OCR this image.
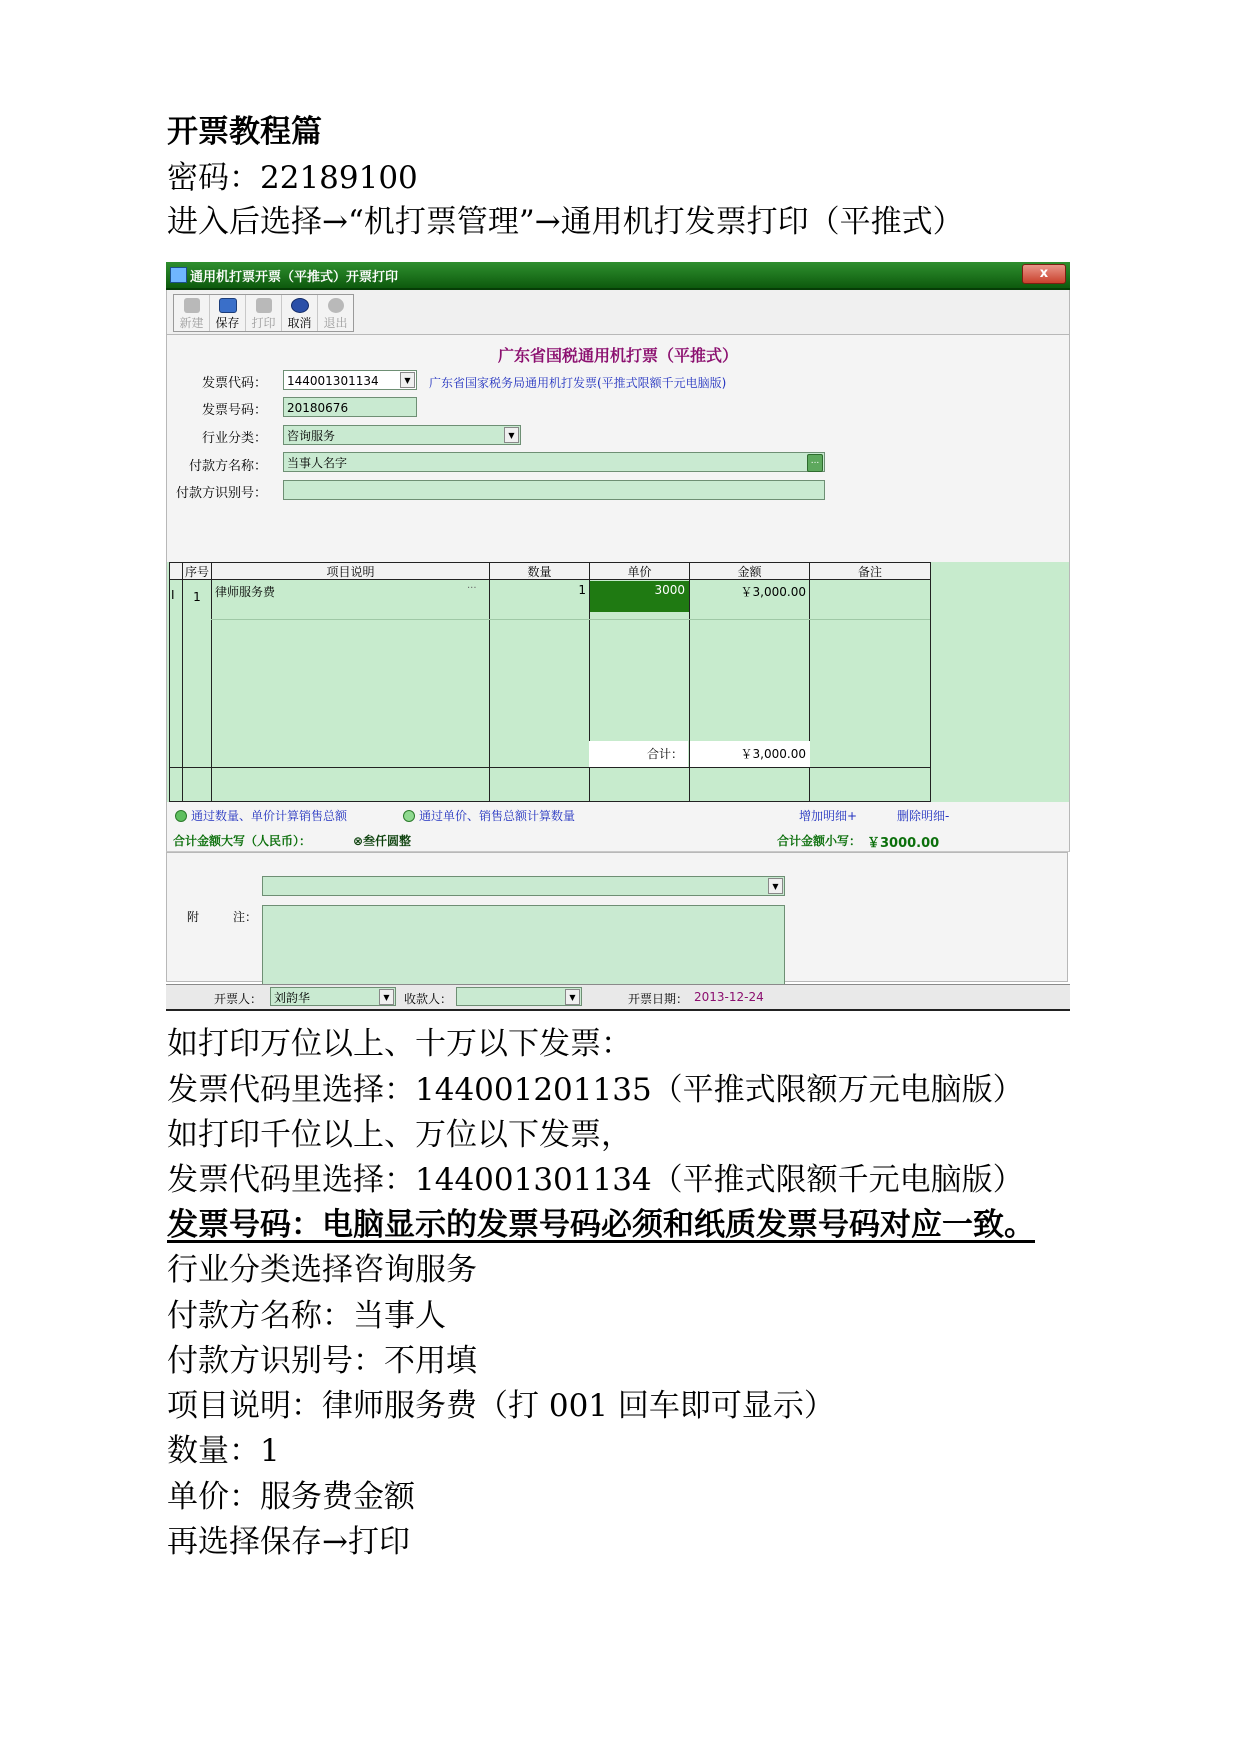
开票教程篇
密码：22189100
进入后选择→“机打票管理”→通用机打发票打印（平推式）
通用机打票开票（平推式）开票打印	x
新建 保存 打印 取消 退出
广东省国税通用机打票（平推式）
发票代码：	144001301134	▼	广东省国家税务局通用机打发票(平推式限额千元电脑版)
发票号码：	20180676
行业分类：	咨询服务	▼
付款方名称：	当事人名字	...
付款方识别号：
序号	项目说明	数量	单价	金额	备注
I	1	律师服务费	···	1	3000	￥3,000.00
合计：	￥3,000.00
通过数量、单价计算销售总额	通过单价、销售总额计算数量	增加明细+	删除明细-
合计金额大写（人民币）：	⊗叁仟圆整	合计金额小写： ￥3000.00
▼
附	注：
开票人： 刘韵华	▼	收款人：	▼	开票日期： 2013-12-24
如打印万位以上、十万以下发票：
发票代码里选择：144001201135（平推式限额万元电脑版）
如打印千位以上、万位以下发票，
发票代码里选择：144001301134（平推式限额千元电脑版）
发票号码：电脑显示的发票号码必须和纸质发票号码对应一致。
行业分类选择咨询服务
付款方名称：当事人
付款方识别号：不用填
项目说明：律师服务费（打 001 回车即可显示）
数量：1
单价：服务费金额
再选择保存→打印
